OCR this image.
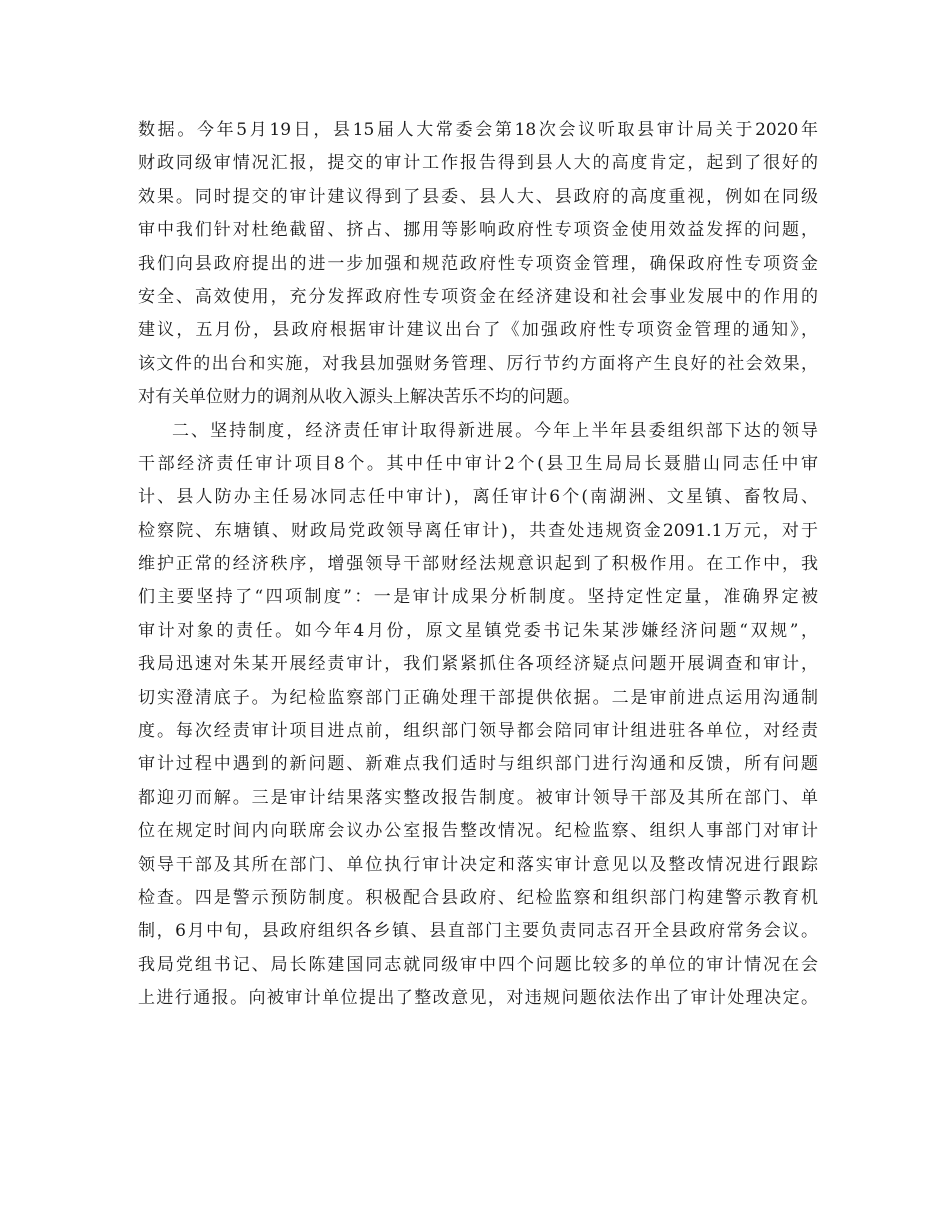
数据。今年5月19日，县15届人大常委会第18次会议听取县审计局关于2020年
财政同级审情况汇报，提交的审计工作报告得到县人大的高度肯定，起到了很好的
效果。同时提交的审计建议得到了县委、县人大、县政府的高度重视，例如在同级
审中我们针对杜绝截留、挤占、挪用等影响政府性专项资金使用效益发挥的问题，
我们向县政府提出的进一步加强和规范政府性专项资金管理，确保政府性专项资金
安全、高效使用，充分发挥政府性专项资金在经济建设和社会事业发展中的作用的
建议，五月份，县政府根据审计建议出台了《加强政府性专项资金管理的通知》，
该文件的出台和实施，对我县加强财务管理、厉行节约方面将产生良好的社会效果，
对有关单位财力的调剂从收入源头上解决苦乐不均的问题。
二、坚持制度，经济责任审计取得新进展。今年上半年县委组织部下达的领导
干部经济责任审计项目8个。其中任中审计2个(县卫生局局长聂腊山同志任中审
计、县人防办主任易冰同志任中审计)，离任审计6个(南湖洲、文星镇、畜牧局、
检察院、东塘镇、财政局党政领导离任审计)，共查处违规资金2091.1万元，对于
维护正常的经济秩序，增强领导干部财经法规意识起到了积极作用。在工作中，我
们主要坚持了“四项制度”：一是审计成果分析制度。坚持定性定量，准确界定被
审计对象的责任。如今年4月份，原文星镇党委书记朱某涉嫌经济问题“双规”，
我局迅速对朱某开展经责审计，我们紧紧抓住各项经济疑点问题开展调查和审计，
切实澄清底子。为纪检监察部门正确处理干部提供依据。二是审前进点运用沟通制
度。每次经责审计项目进点前，组织部门领导都会陪同审计组进驻各单位，对经责
审计过程中遇到的新问题、新难点我们适时与组织部门进行沟通和反馈，所有问题
都迎刃而解。三是审计结果落实整改报告制度。被审计领导干部及其所在部门、单
位在规定时间内向联席会议办公室报告整改情况。纪检监察、组织人事部门对审计
领导干部及其所在部门、单位执行审计决定和落实审计意见以及整改情况进行跟踪
检查。四是警示预防制度。积极配合县政府、纪检监察和组织部门构建警示教育机
制，6月中旬，县政府组织各乡镇、县直部门主要负责同志召开全县政府常务会议。
我局党组书记、局长陈建国同志就同级审中四个问题比较多的单位的审计情况在会
上进行通报。向被审计单位提出了整改意见，对违规问题依法作出了审计处理决定。
